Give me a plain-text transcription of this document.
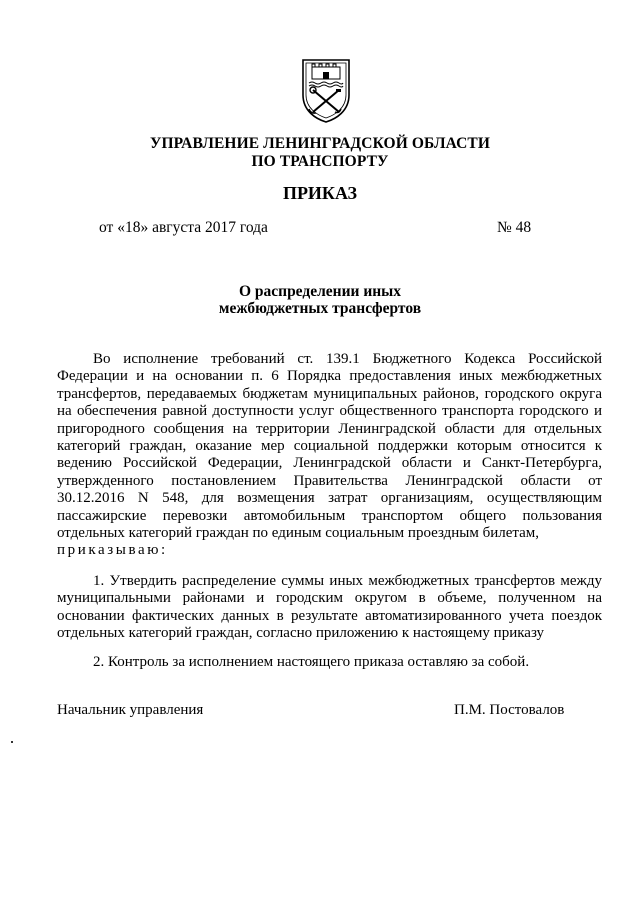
УПРАВЛЕНИЕ ЛЕНИНГРАДСКОЙ ОБЛАСТИ
ПО ТРАНСПОРТУ
ПРИКАЗ
от «18» августа 2017 года	№ 48
О распределении иных
межбюджетных трансфертов

Во исполнение требований ст. 139.1 Бюджетного Кодекса Российской Федерации и на основании п. 6 Порядка предоставления иных межбюджетных трансфертов, передаваемых бюджетам муниципальных районов, городского округа на обеспечения равной доступности услуг общественного транспорта городского и пригородного сообщения на территории Ленинградской области для отдельных категорий граждан, оказание мер социальной поддержки которым относится к ведению Российской Федерации, Ленинградской области и Санкт-Петербурга, утвержденного постановлением Правительства Ленинградской области от 30.12.2016 N 548, для возмещения затрат организациям, осуществляющим пассажирские перевозки автомобильным транспортом общего пользования отдельных категорий граждан по единым социальным проездным билетам,

приказываю:

1. Утвердить распределение суммы иных межбюджетных трансфертов между муниципальными районами и городским округом в объеме, полученном на основании фактических данных в результате автоматизированного учета поездок отдельных категорий граждан, согласно приложению к настоящему приказу

2. Контроль за исполнением настоящего приказа оставляю за собой.

Начальник управления	П.М. Постовалов
